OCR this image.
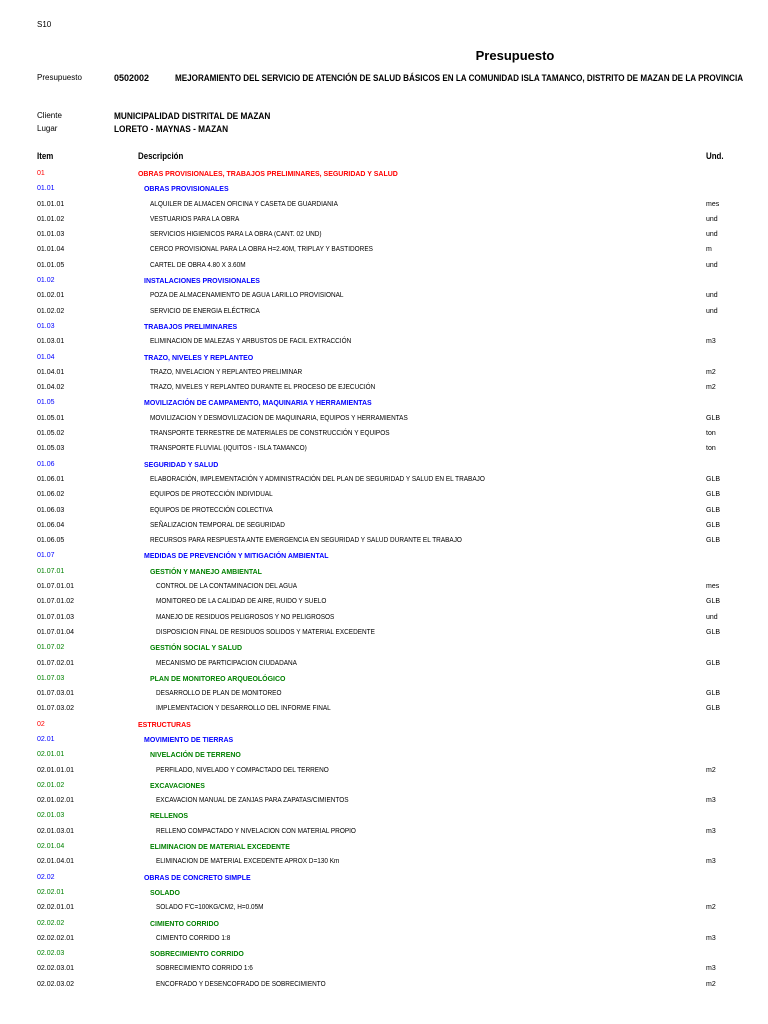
S10
Presupuesto
Presupuesto	0502002	MEJORAMIENTO DEL SERVICIO DE ATENCIÓN DE SALUD BÁSICOS EN LA COMUNIDAD ISLA TAMANCO, DISTRITO DE MAZAN DE LA PROVINCIA
Cliente	MUNICIPALIDAD DISTRITAL DE MAZAN
Lugar	LORETO - MAYNAS - MAZAN
Item	Descripción	Und.
01	OBRAS PROVISIONALES, TRABAJOS PRELIMINARES, SEGURIDAD Y SALUD
01.01	OBRAS PROVISIONALES
01.01.01	ALQUILER DE ALMACEN OFICINA Y CASETA DE GUARDIANIA	mes
01.01.02	VESTUARIOS PARA LA OBRA	und
01.01.03	SERVICIOS HIGIENICOS PARA LA OBRA (CANT. 02 UND)	und
01.01.04	CERCO PROVISIONAL PARA LA OBRA H=2.40M, TRIPLAY Y BASTIDORES	m
01.01.05	CARTEL DE OBRA 4.80 X 3.60M	und
01.02	INSTALACIONES PROVISIONALES
01.02.01	POZA DE ALMACENAMIENTO DE AGUA LARILLO PROVISIONAL	und
01.02.02	SERVICIO DE ENERGIA ELÉCTRICA	und
01.03	TRABAJOS PRELIMINARES
01.03.01	ELIMINACION DE MALEZAS Y ARBUSTOS DE FACIL EXTRACCIÓN	m3
01.04	TRAZO, NIVELES Y REPLANTEO
01.04.01	TRAZO, NIVELACION Y REPLANTEO PRELIMINAR	m2
01.04.02	TRAZO, NIVELES Y REPLANTEO DURANTE EL PROCESO DE EJECUCIÓN	m2
01.05	MOVILIZACIÓN DE CAMPAMENTO, MAQUINARIA Y HERRAMIENTAS
01.05.01	MOVILIZACION Y DESMOVILIZACION DE MAQUINARIA, EQUIPOS Y HERRAMIENTAS	GLB
01.05.02	TRANSPORTE TERRESTRE DE MATERIALES DE CONSTRUCCIÓN Y EQUIPOS	ton
01.05.03	TRANSPORTE FLUVIAL (IQUITOS - ISLA TAMANCO)	ton
01.06	SEGURIDAD Y SALUD
01.06.01	ELABORACIÓN, IMPLEMENTACIÓN Y ADMINISTRACIÓN DEL PLAN DE SEGURIDAD Y SALUD EN EL TRABAJO	GLB
01.06.02	EQUIPOS DE PROTECCIÓN INDIVIDUAL	GLB
01.06.03	EQUIPOS DE PROTECCIÓN COLECTIVA	GLB
01.06.04	SEÑALIZACION TEMPORAL DE SEGURIDAD	GLB
01.06.05	RECURSOS PARA RESPUESTA ANTE EMERGENCIA EN SEGURIDAD Y SALUD DURANTE EL TRABAJO	GLB
01.07	MEDIDAS DE PREVENCIÓN Y MITIGACIÓN AMBIENTAL
01.07.01	GESTIÓN Y MANEJO AMBIENTAL
01.07.01.01	CONTROL DE LA CONTAMINACION DEL AGUA	mes
01.07.01.02	MONITOREO DE LA CALIDAD DE AIRE, RUIDO Y SUELO	GLB
01.07.01.03	MANEJO DE RESIDUOS PELIGROSOS Y NO PELIGROSOS	und
01.07.01.04	DISPOSICION FINAL DE RESIDUOS SOLIDOS Y MATERIAL EXCEDENTE	GLB
01.07.02	GESTIÓN SOCIAL Y SALUD
01.07.02.01	MECANISMO DE PARTICIPACION CIUDADANA	GLB
01.07.03	PLAN DE MONITOREO ARQUEOLÓGICO
01.07.03.01	DESARROLLO DE PLAN DE MONITOREO	GLB
01.07.03.02	IMPLEMENTACION Y DESARROLLO DEL INFORME FINAL	GLB
02	ESTRUCTURAS
02.01	MOVIMIENTO DE TIERRAS
02.01.01	NIVELACIÓN DE TERRENO
02.01.01.01	PERFILADO, NIVELADO Y COMPACTADO DEL TERRENO	m2
02.01.02	EXCAVACIONES
02.01.02.01	EXCAVACION MANUAL DE ZANJAS PARA ZAPATAS/CIMIENTOS	m3
02.01.03	RELLENOS
02.01.03.01	RELLENO COMPACTADO Y NIVELACION CON MATERIAL PROPIO	m3
02.01.04	ELIMINACION DE MATERIAL EXCEDENTE
02.01.04.01	ELIMINACION DE MATERIAL EXCEDENTE APROX D=130 Km	m3
02.02	OBRAS DE CONCRETO SIMPLE
02.02.01	SOLADO
02.02.01.01	SOLADO F'C=100KG/CM2, H=0.05M	m2
02.02.02	CIMIENTO CORRIDO
02.02.02.01	CIMIENTO CORRIDO 1:8	m3
02.02.03	SOBRECIMIENTO CORRIDO
02.02.03.01	SOBRECIMIENTO CORRIDO 1:6	m3
02.02.03.02	ENCOFRADO Y DESENCOFRADO DE SOBRECIMIENTO	m2
